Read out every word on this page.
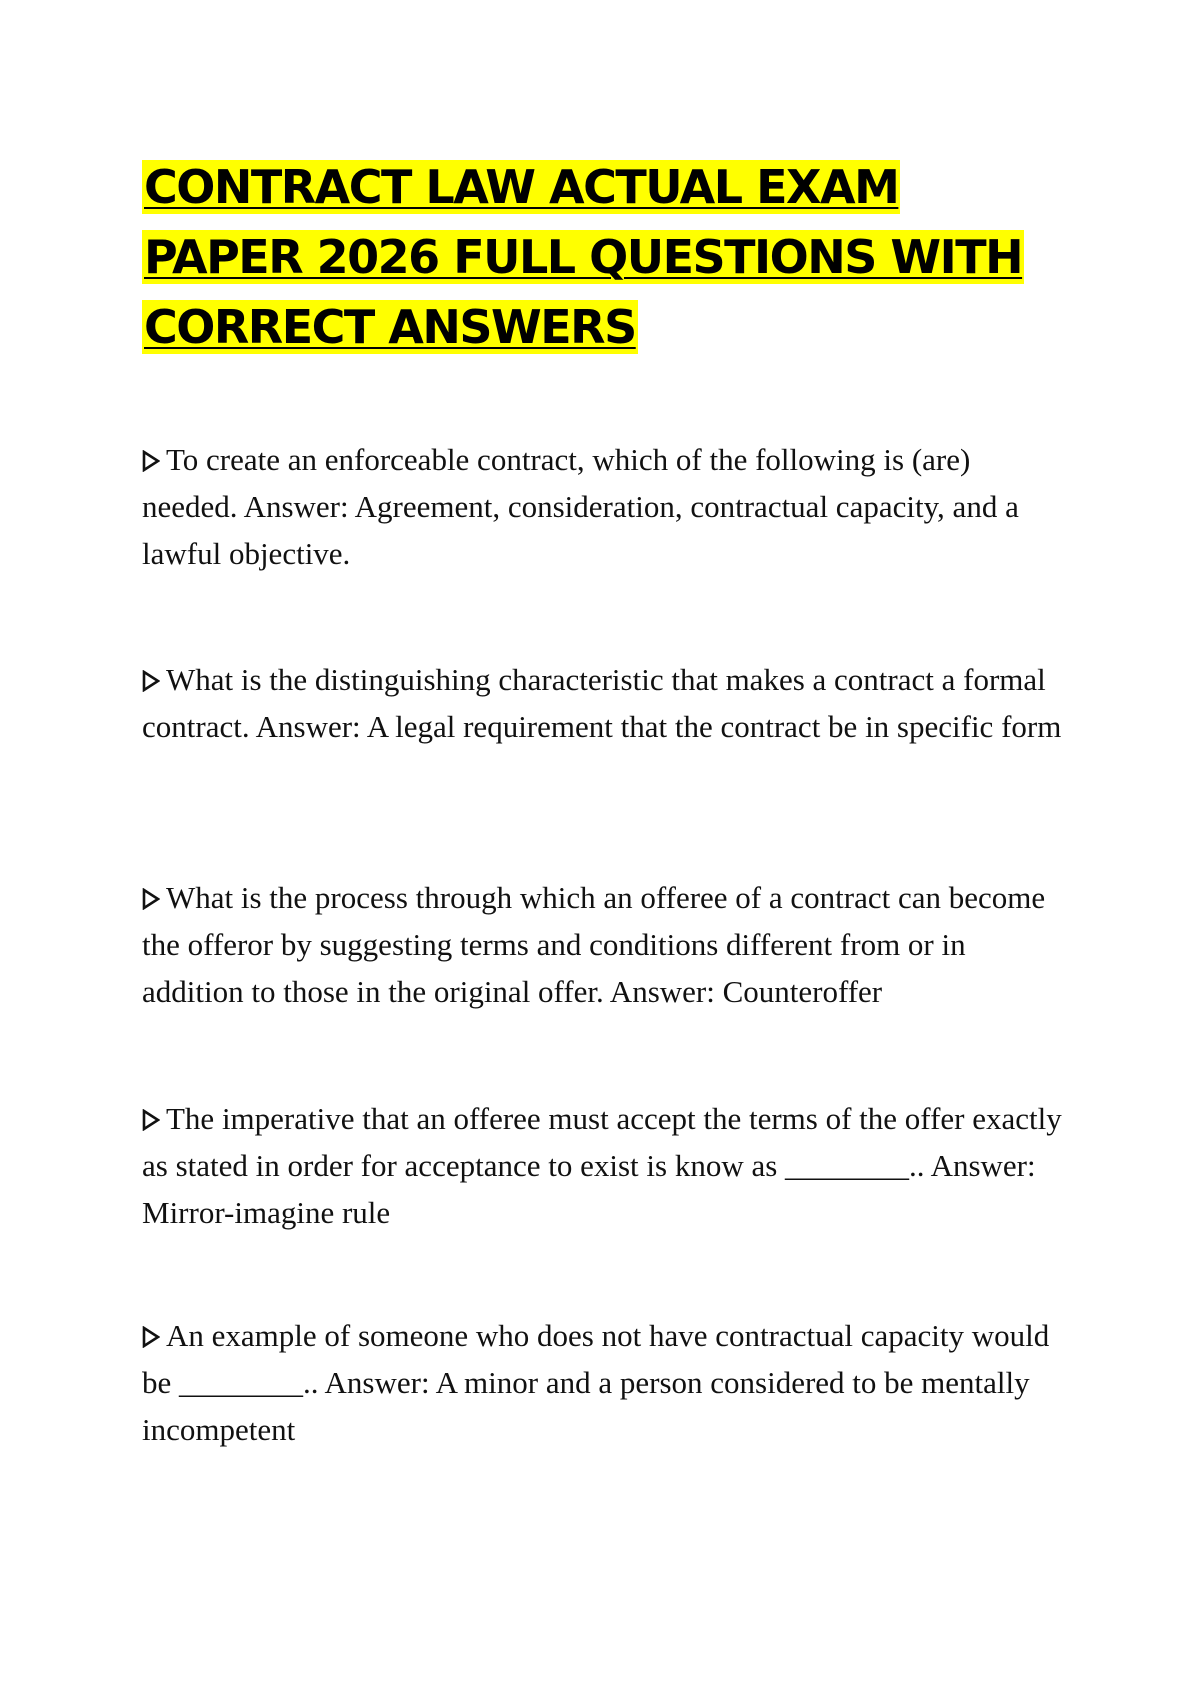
CONTRACT LAW ACTUAL EXAM PAPER 2026 FULL QUESTIONS WITH CORRECT ANSWERS

To create an enforceable contract, which of the following is (are) needed. Answer: Agreement, consideration, contractual capacity, and a lawful objective.

What is the distinguishing characteristic that makes a contract a formal contract. Answer: A legal requirement that the contract be in specific form

What is the process through which an offeree of a contract can become the offeror by suggesting terms and conditions different from or in addition to those in the original offer. Answer: Counteroffer

The imperative that an offeree must accept the terms of the offer exactly as stated in order for acceptance to exist is know as ________.. Answer: Mirror-imagine rule

An example of someone who does not have contractual capacity would be ________.. Answer: A minor and a person considered to be mentally incompetent
